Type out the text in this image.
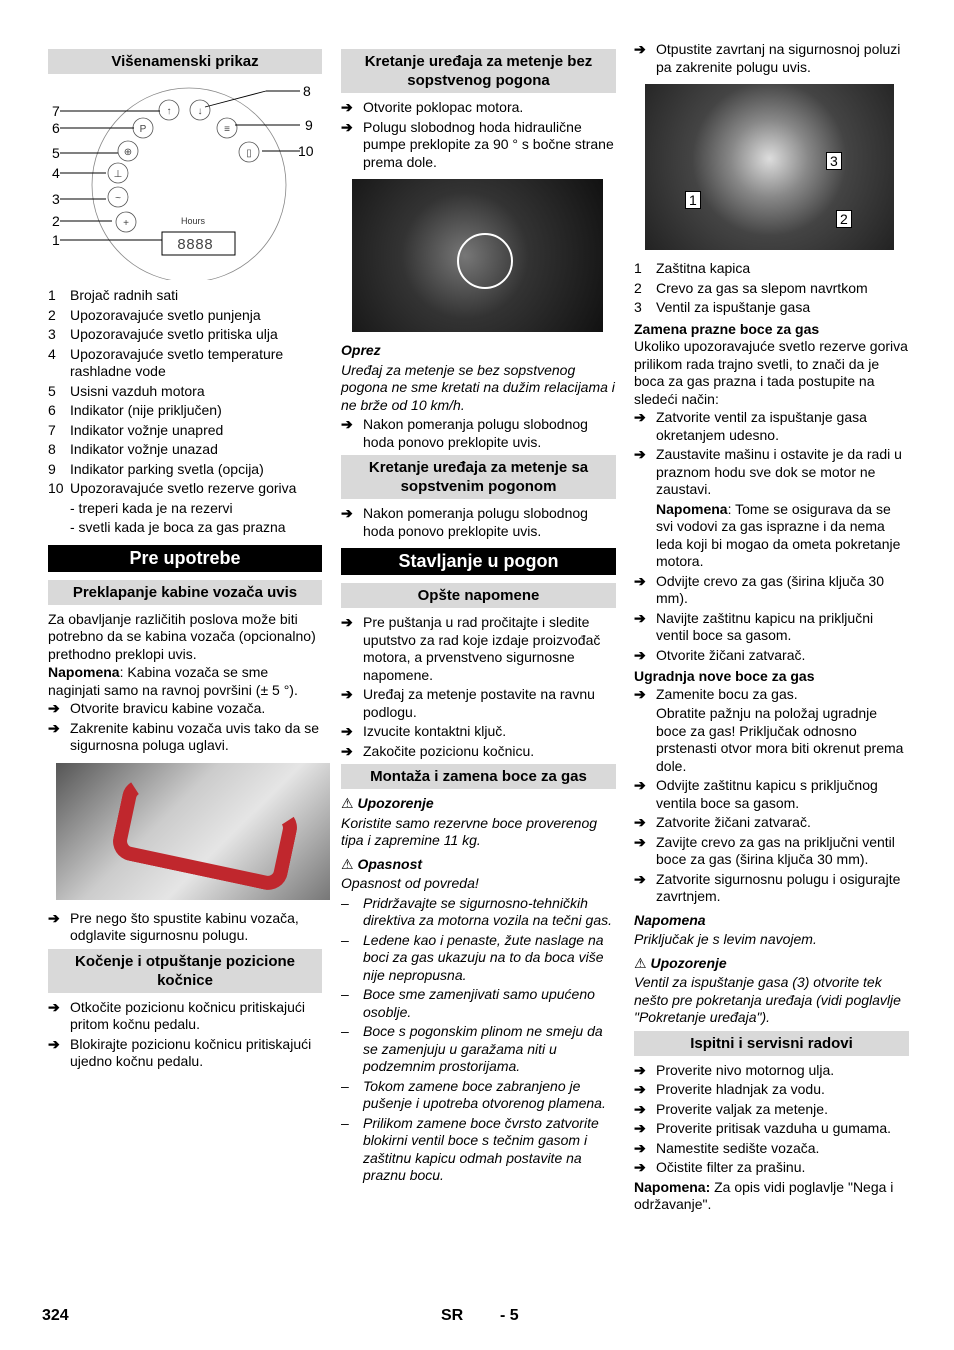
Višenamenski prikaz
↑	↓
P
⊕
⊥
~
+
≡
▯
Hours
8888
1
2
3
4
5
6
7
8
9
10
1	Brojač radnih sati
2	Upozoravajuće svetlo punjenja
3	Upozoravajuće svetlo pritiska ulja
4	Upozoravajuće svetlo temperature rashladne vode
5	Usisni vazduh motora
6	Indikator (nije priključen)
7	Indikator vožnje unapred
8	Indikator vožnje unazad
9	Indikator parking svetla (opcija)
10 Upozoravajuće svetlo rezerve goriva
- treperi kada je na rezervi
- svetli kada je boca za gas prazna
Pre upotrebe
Preklapanje kabine vozača uvis
Za obavljanje različitih poslova može biti potrebno da se kabina vozača (opcionalno) prethodno preklopi uvis.
Napomena: Kabina vozača se sme naginjati samo na ravnoj površini (± 5 °).
➔ Otvorite bravicu kabine vozača.
➔ Zakrenite kabinu vozača uvis tako da se sigurnosna poluga uglavi.
➔ Pre nego što spustite kabinu vozača, odglavite sigurnosnu polugu.
Kočenje i otpuštanje pozicione kočnice
➔ Otkočite pozicionu kočnicu pritiskajući pritom kočnu pedalu.
➔ Blokirajte pozicionu kočnicu pritiskajući ujedno kočnu pedalu.
Kretanje uređaja za metenje bez sopstvenog pogona
➔ Otvorite poklopac motora.
➔ Polugu slobodnog hoda hidraulične pumpe preklopite za 90 ° s bočne strane prema dole.
Oprez
Uređaj za metenje se bez sopstvenog pogona ne sme kretati na dužim relacijama i ne brže od 10 km/h.
➔ Nakon pomeranja polugu slobodnog hoda ponovo preklopite uvis.
Kretanje uređaja za metenje sa sopstvenim pogonom
➔ Nakon pomeranja polugu slobodnog hoda ponovo preklopite uvis.
Stavljanje u pogon
Opšte napomene
➔ Pre puštanja u rad pročitajte i sledite uputstvo za rad koje izdaje proizvođač motora, a prvenstveno sigurnosne napomene.
➔ Uređaj za metenje postavite na ravnu podlogu.
➔ Izvucite kontaktni ključ.
➔ Zakočite pozicionu kočnicu.
Montaža i zamena boce za gas
⚠ Upozorenje
Koristite samo rezervne boce proverenog tipa i zapremine 11 kg.
⚠ Opasnost
Opasnost od povreda!
–	Pridržavajte se sigurnosno-tehničkih direktiva za motorna vozila na tečni gas.
–	Ledene kao i penaste, žute naslage na boci za gas ukazuju na to da boca više nije nepropusna.
–	Boce sme zamenjivati samo upućeno osoblje.
–	Boce s pogonskim plinom ne smeju da se zamenjuju u garažama niti u podzemnim prostorijama.
–	Tokom zamene boce zabranjeno je pušenje i upotreba otvorenog plamena.
–	Prilikom zamene boce čvrsto zatvorite blokirni ventil boce s tečnim gasom i zaštitnu kapicu odmah postavite na praznu bocu.
➔ Otpustite zavrtanj na sigurnosnoj poluzi pa zakrenite polugu uvis.
1
2
3
1	Zaštitna kapica
2	Crevo za gas sa slepom navrtkom
3	Ventil za ispuštanje gasa
Zamena prazne boce za gas
Ukoliko upozoravajuće svetlo rezerve goriva prilikom rada trajno svetli, to znači da je boca za gas prazna i tada postupite na sledeći način:
➔ Zatvorite ventil za ispuštanje gasa okretanjem udesno.
➔ Zaustavite mašinu i ostavite je da radi u praznom hodu sve dok se motor ne zaustavi.
Napomena: Tome se osigurava da se svi vodovi za gas isprazne i da nema leda koji bi mogao da ometa pokretanje motora.
➔ Odvijte crevo za gas (širina ključa 30 mm).
➔ Navijte zaštitnu kapicu na priključni ventil boce sa gasom.
➔ Otvorite žičani zatvarač.
Ugradnja nove boce za gas
➔ Zamenite bocu za gas.
Obratite pažnju na položaj ugradnje boce za gas! Priključak odnosno prstenasti otvor mora biti okrenut prema dole.
➔ Odvijte zaštitnu kapicu s priključnog ventila boce sa gasom.
➔ Zatvorite žičani zatvarač.
➔ Zavijte crevo za gas na priključni ventil boce za gas (širina ključa 30 mm).
➔ Zatvorite sigurnosnu polugu i osigurajte zavrtnjem.
Napomena
Priključak je s levim navojem.
⚠ Upozorenje
Ventil za ispuštanje gasa (3) otvorite tek nešto pre pokretanja uređaja (vidi poglavlje "Pokretanje uređaja").
Ispitni i servisni radovi
➔ Proverite nivo motornog ulja.
➔ Proverite hladnjak za vodu.
➔ Proverite valjak za metenje.
➔ Proverite pritisak vazduha u gumama.
➔ Namestite sedište vozača.
➔ Očistite filter za prašinu.
Napomena: Za opis vidi poglavlje "Nega i održavanje".
324	SR - 5
